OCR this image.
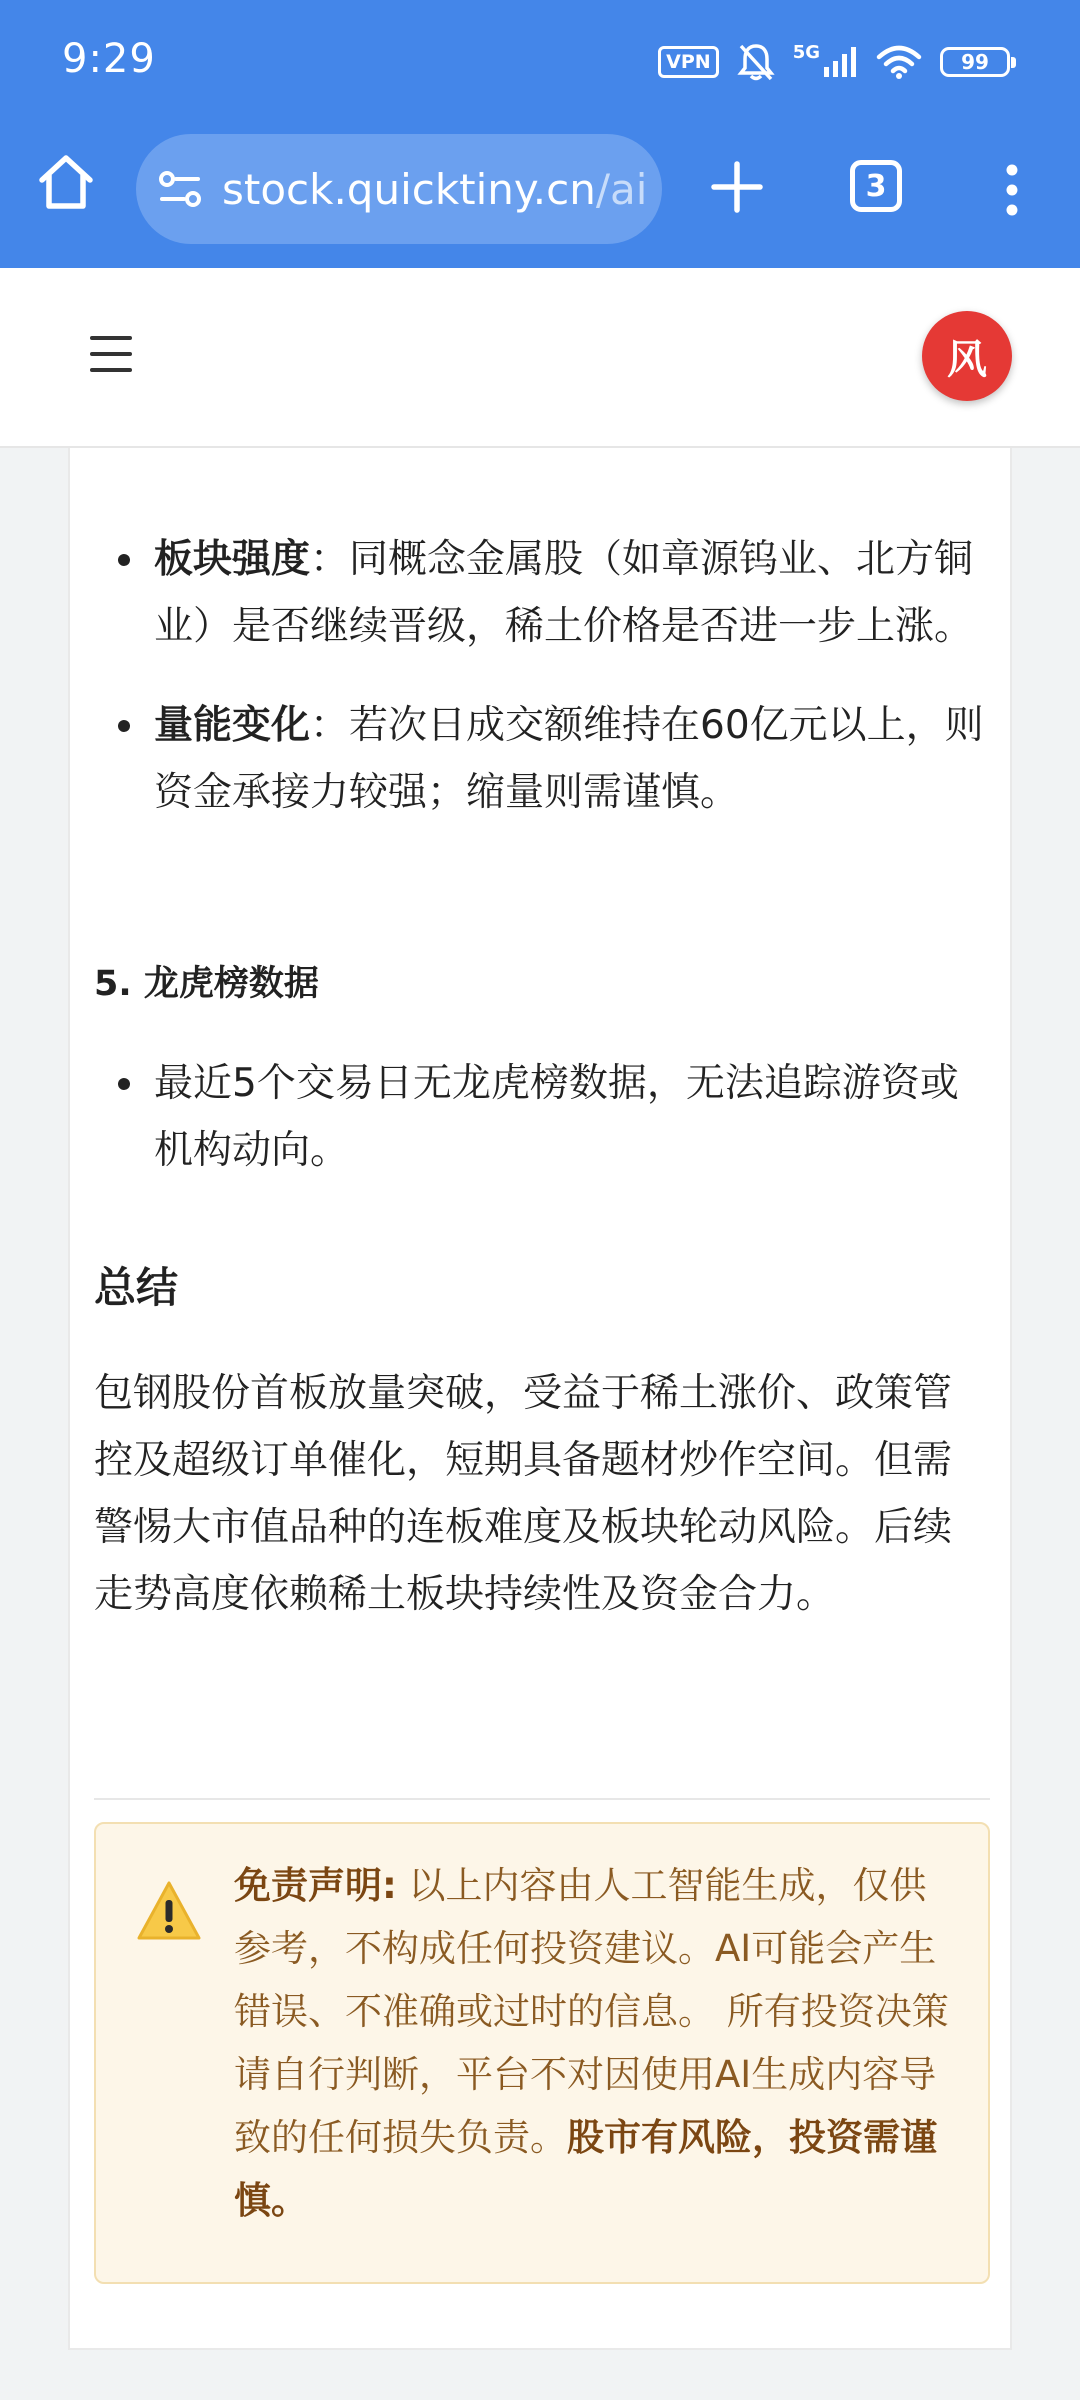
9:29	VPN	5G	99
stock.quicktiny.cn/ai	3
风
板块强度：同概念金属股（如章源钨业、北方铜业）是否继续晋级，稀土价格是否进一步上涨。
量能变化：若次日成交额维持在60亿元以上，则资金承接力较强；缩量则需谨慎。
5. 龙虎榜数据
最近5个交易日无龙虎榜数据，无法追踪游资或机构动向。
总结
包钢股份首板放量突破，受益于稀土涨价、政策管控及超级订单催化，短期具备题材炒作空间。但需警惕大市值品种的连板难度及板块轮动风险。后续走势高度依赖稀土板块持续性及资金合力。
免责声明: 以上内容由人工智能生成，仅供参考，不构成任何投资建议。AI可能会产生错误、不准确或过时的信息。 所有投资决策请自行判断，平台不对因使用AI生成内容导致的任何损失负责。股市有风险，投资需谨慎。
